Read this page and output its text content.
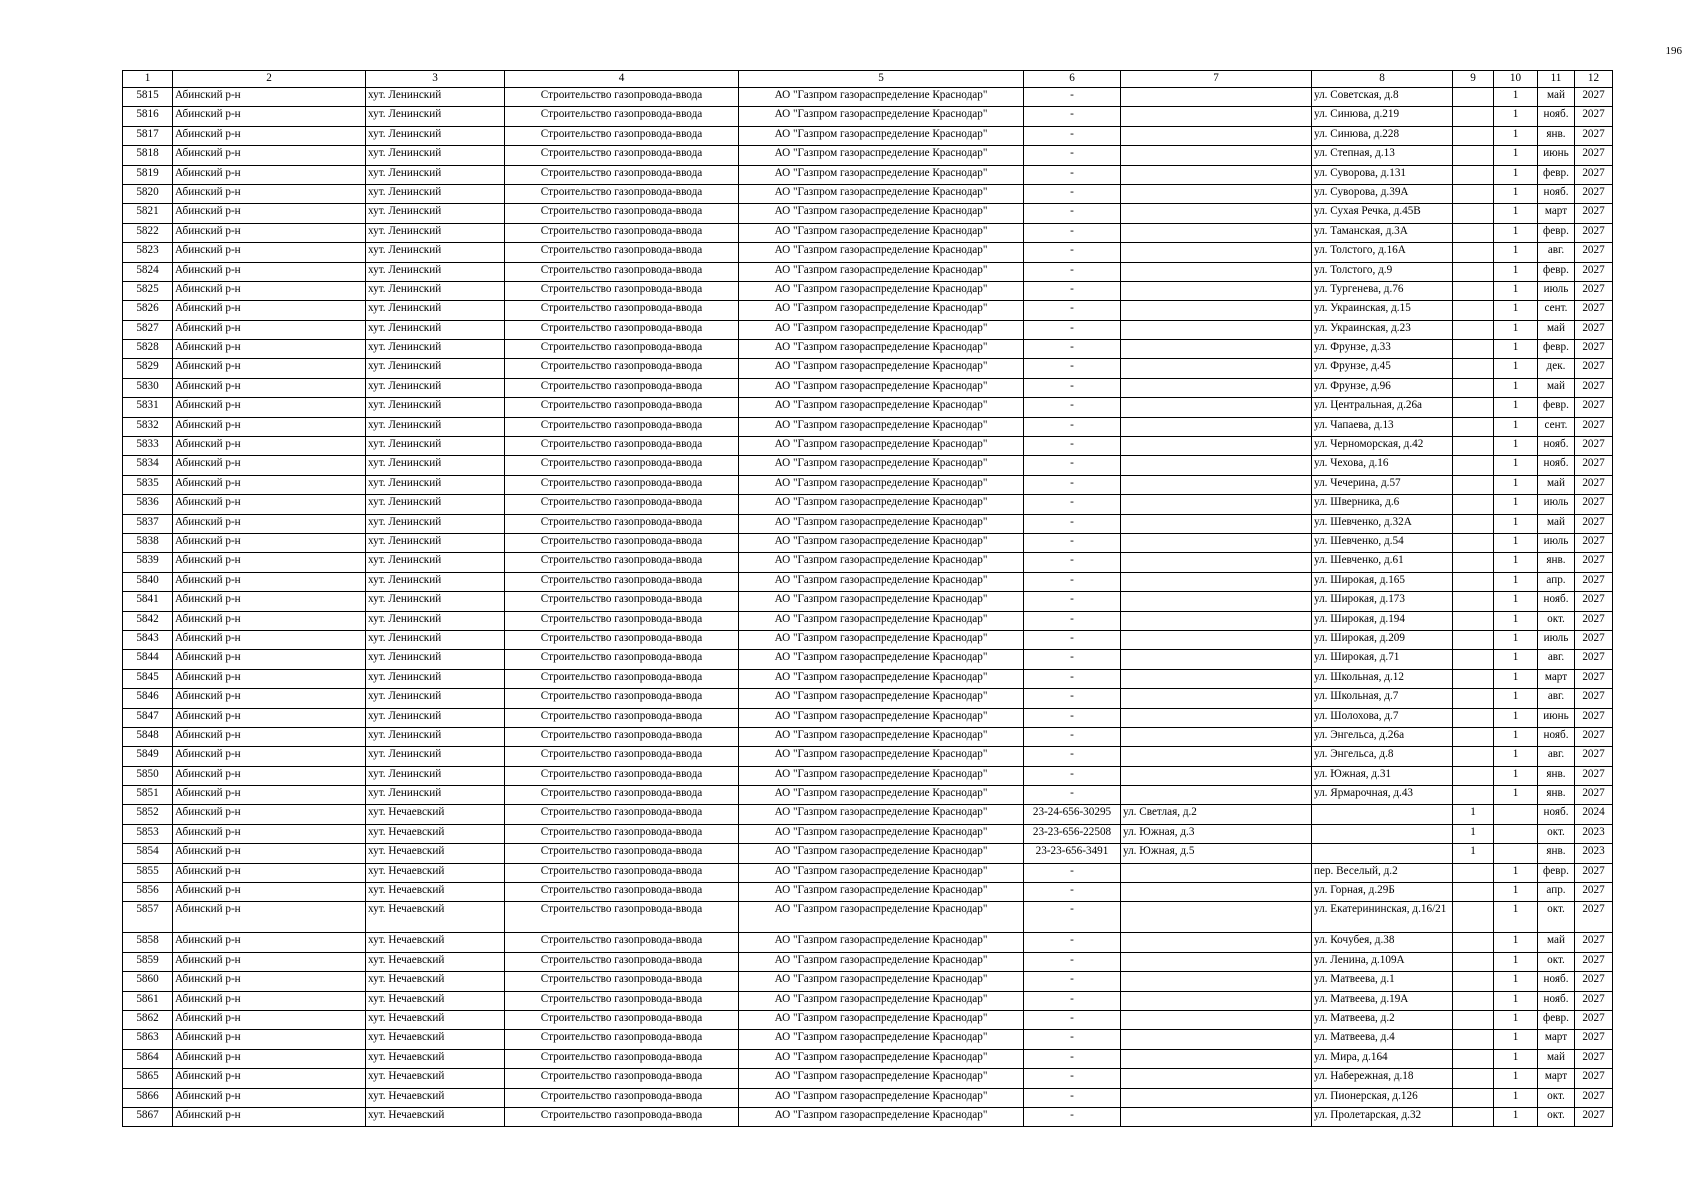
196
1	2	3	4	5	6	7	8	9	10	11	12
5815	Абинский р-н	хут. Ленинский	Строительство газопровода-ввода	АО "Газпром газораспределение Краснодар"	-		ул. Советская, д.8		1	май	2027
5816	Абинский р-н	хут. Ленинский	Строительство газопровода-ввода	АО "Газпром газораспределение Краснодар"	-		ул. Синюва, д.219		1	нояб.	2027
5817	Абинский р-н	хут. Ленинский	Строительство газопровода-ввода	АО "Газпром газораспределение Краснодар"	-		ул. Синюва, д.228		1	янв.	2027
5818	Абинский р-н	хут. Ленинский	Строительство газопровода-ввода	АО "Газпром газораспределение Краснодар"	-		ул. Степная, д.13		1	июнь	2027
5819	Абинский р-н	хут. Ленинский	Строительство газопровода-ввода	АО "Газпром газораспределение Краснодар"	-		ул. Суворова, д.131		1	февр.	2027
5820	Абинский р-н	хут. Ленинский	Строительство газопровода-ввода	АО "Газпром газораспределение Краснодар"	-		ул. Суворова, д.39А		1	нояб.	2027
5821	Абинский р-н	хут. Ленинский	Строительство газопровода-ввода	АО "Газпром газораспределение Краснодар"	-		ул. Сухая Речка, д.45В		1	март	2027
5822	Абинский р-н	хут. Ленинский	Строительство газопровода-ввода	АО "Газпром газораспределение Краснодар"	-		ул. Таманская, д.3А		1	февр.	2027
5823	Абинский р-н	хут. Ленинский	Строительство газопровода-ввода	АО "Газпром газораспределение Краснодар"	-		ул. Толстого, д.16А		1	авг.	2027
5824	Абинский р-н	хут. Ленинский	Строительство газопровода-ввода	АО "Газпром газораспределение Краснодар"	-		ул. Толстого, д.9		1	февр.	2027
5825	Абинский р-н	хут. Ленинский	Строительство газопровода-ввода	АО "Газпром газораспределение Краснодар"	-		ул. Тургенева, д.76		1	июль	2027
5826	Абинский р-н	хут. Ленинский	Строительство газопровода-ввода	АО "Газпром газораспределение Краснодар"	-		ул. Украинская, д.15		1	сент.	2027
5827	Абинский р-н	хут. Ленинский	Строительство газопровода-ввода	АО "Газпром газораспределение Краснодар"	-		ул. Украинская, д.23		1	май	2027
5828	Абинский р-н	хут. Ленинский	Строительство газопровода-ввода	АО "Газпром газораспределение Краснодар"	-		ул. Фрунзе, д.33		1	февр.	2027
5829	Абинский р-н	хут. Ленинский	Строительство газопровода-ввода	АО "Газпром газораспределение Краснодар"	-		ул. Фрунзе, д.45		1	дек.	2027
5830	Абинский р-н	хут. Ленинский	Строительство газопровода-ввода	АО "Газпром газораспределение Краснодар"	-		ул. Фрунзе, д.96		1	май	2027
5831	Абинский р-н	хут. Ленинский	Строительство газопровода-ввода	АО "Газпром газораспределение Краснодар"	-		ул. Центральная, д.26а		1	февр.	2027
5832	Абинский р-н	хут. Ленинский	Строительство газопровода-ввода	АО "Газпром газораспределение Краснодар"	-		ул. Чапаева, д.13		1	сент.	2027
5833	Абинский р-н	хут. Ленинский	Строительство газопровода-ввода	АО "Газпром газораспределение Краснодар"	-		ул. Черноморская, д.42		1	нояб.	2027
5834	Абинский р-н	хут. Ленинский	Строительство газопровода-ввода	АО "Газпром газораспределение Краснодар"	-		ул. Чехова, д.16		1	нояб.	2027
5835	Абинский р-н	хут. Ленинский	Строительство газопровода-ввода	АО "Газпром газораспределение Краснодар"	-		ул. Чечерина, д.57		1	май	2027
5836	Абинский р-н	хут. Ленинский	Строительство газопровода-ввода	АО "Газпром газораспределение Краснодар"	-		ул. Шверника, д.6		1	июль	2027
5837	Абинский р-н	хут. Ленинский	Строительство газопровода-ввода	АО "Газпром газораспределение Краснодар"	-		ул. Шевченко, д.32А		1	май	2027
5838	Абинский р-н	хут. Ленинский	Строительство газопровода-ввода	АО "Газпром газораспределение Краснодар"	-		ул. Шевченко, д.54		1	июль	2027
5839	Абинский р-н	хут. Ленинский	Строительство газопровода-ввода	АО "Газпром газораспределение Краснодар"	-		ул. Шевченко, д.61		1	янв.	2027
5840	Абинский р-н	хут. Ленинский	Строительство газопровода-ввода	АО "Газпром газораспределение Краснодар"	-		ул. Широкая, д.165		1	апр.	2027
5841	Абинский р-н	хут. Ленинский	Строительство газопровода-ввода	АО "Газпром газораспределение Краснодар"	-		ул. Широкая, д.173		1	нояб.	2027
5842	Абинский р-н	хут. Ленинский	Строительство газопровода-ввода	АО "Газпром газораспределение Краснодар"	-		ул. Широкая, д.194		1	окт.	2027
5843	Абинский р-н	хут. Ленинский	Строительство газопровода-ввода	АО "Газпром газораспределение Краснодар"	-		ул. Широкая, д.209		1	июль	2027
5844	Абинский р-н	хут. Ленинский	Строительство газопровода-ввода	АО "Газпром газораспределение Краснодар"	-		ул. Широкая, д.71		1	авг.	2027
5845	Абинский р-н	хут. Ленинский	Строительство газопровода-ввода	АО "Газпром газораспределение Краснодар"	-		ул. Школьная, д.12		1	март	2027
5846	Абинский р-н	хут. Ленинский	Строительство газопровода-ввода	АО "Газпром газораспределение Краснодар"	-		ул. Школьная, д.7		1	авг.	2027
5847	Абинский р-н	хут. Ленинский	Строительство газопровода-ввода	АО "Газпром газораспределение Краснодар"	-		ул. Шолохова, д.7		1	июнь	2027
5848	Абинский р-н	хут. Ленинский	Строительство газопровода-ввода	АО "Газпром газораспределение Краснодар"	-		ул. Энгельса, д.26а		1	нояб.	2027
5849	Абинский р-н	хут. Ленинский	Строительство газопровода-ввода	АО "Газпром газораспределение Краснодар"	-		ул. Энгельса, д.8		1	авг.	2027
5850	Абинский р-н	хут. Ленинский	Строительство газопровода-ввода	АО "Газпром газораспределение Краснодар"	-		ул. Южная, д.31		1	янв.	2027
5851	Абинский р-н	хут. Ленинский	Строительство газопровода-ввода	АО "Газпром газораспределение Краснодар"	-		ул. Ярмарочная, д.43		1	янв.	2027
5852	Абинский р-н	хут. Нечаевский	Строительство газопровода-ввода	АО "Газпром газораспределение Краснодар"	23-24-656-30295	ул. Светлая, д.2		1		нояб.	2024
5853	Абинский р-н	хут. Нечаевский	Строительство газопровода-ввода	АО "Газпром газораспределение Краснодар"	23-23-656-22508	ул. Южная, д.3		1		окт.	2023
5854	Абинский р-н	хут. Нечаевский	Строительство газопровода-ввода	АО "Газпром газораспределение Краснодар"	23-23-656-3491	ул. Южная, д.5		1		янв.	2023
5855	Абинский р-н	хут. Нечаевский	Строительство газопровода-ввода	АО "Газпром газораспределение Краснодар"	-		пер. Веселый, д.2		1	февр.	2027
5856	Абинский р-н	хут. Нечаевский	Строительство газопровода-ввода	АО "Газпром газораспределение Краснодар"	-		ул. Горная, д.29Б		1	апр.	2027
5857	Абинский р-н	хут. Нечаевский	Строительство газопровода-ввода	АО "Газпром газораспределение Краснодар"	-		ул. Екатерининская, д.16/21		1	окт.	2027
5858	Абинский р-н	хут. Нечаевский	Строительство газопровода-ввода	АО "Газпром газораспределение Краснодар"	-		ул. Кочубея, д.38		1	май	2027
5859	Абинский р-н	хут. Нечаевский	Строительство газопровода-ввода	АО "Газпром газораспределение Краснодар"	-		ул. Ленина, д.109А		1	окт.	2027
5860	Абинский р-н	хут. Нечаевский	Строительство газопровода-ввода	АО "Газпром газораспределение Краснодар"	-		ул. Матвеева, д.1		1	нояб.	2027
5861	Абинский р-н	хут. Нечаевский	Строительство газопровода-ввода	АО "Газпром газораспределение Краснодар"	-		ул. Матвеева, д.19А		1	нояб.	2027
5862	Абинский р-н	хут. Нечаевский	Строительство газопровода-ввода	АО "Газпром газораспределение Краснодар"	-		ул. Матвеева, д.2		1	февр.	2027
5863	Абинский р-н	хут. Нечаевский	Строительство газопровода-ввода	АО "Газпром газораспределение Краснодар"	-		ул. Матвеева, д.4		1	март	2027
5864	Абинский р-н	хут. Нечаевский	Строительство газопровода-ввода	АО "Газпром газораспределение Краснодар"	-		ул. Мира, д.164		1	май	2027
5865	Абинский р-н	хут. Нечаевский	Строительство газопровода-ввода	АО "Газпром газораспределение Краснодар"	-		ул. Набережная, д.18		1	март	2027
5866	Абинский р-н	хут. Нечаевский	Строительство газопровода-ввода	АО "Газпром газораспределение Краснодар"	-		ул. Пионерская, д.126		1	окт.	2027
5867	Абинский р-н	хут. Нечаевский	Строительство газопровода-ввода	АО "Газпром газораспределение Краснодар"	-		ул. Пролетарская, д.32		1	окт.	2027
